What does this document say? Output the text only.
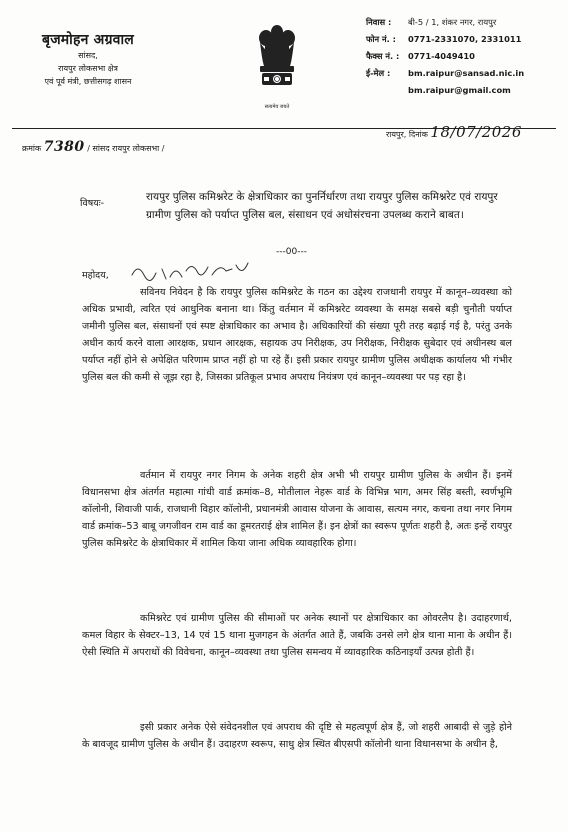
बृजमोहन अग्रवाल
सांसद,
रायपुर लोकसभा क्षेत्र
एवं पूर्व मंत्री, छत्तीसगढ़ शासन
सत्यमेव जयते
निवास :	बी-5 / 1, शंकर नगर, रायपुर
फोन नं. :	0771-2331070, 2331011
फैक्स नं. :	0771-4049410
ई-मेल :	bm.raipur@sansad.nic.in
bm.raipur@gmail.com
क्रमांक 7380 / सांसद रायपुर लोकसभा /
रायपुर, दिनांक 18/07/2026
विषयः-
रायपुर पुलिस कमिश्नरेट के क्षेत्राधिकार का पुनर्निर्धारण तथा रायपुर पुलिस कमिश्नरेट एवं रायपुर ग्रामीण पुलिस को पर्याप्त पुलिस बल, संसाधन एवं अधोसंरचना उपलब्ध कराने बाबत।
---00---
महोदय,
सविनय निवेदन है कि रायपुर पुलिस कमिश्नरेट के गठन का उद्देश्य राजधानी रायपुर में कानून–व्यवस्था को अधिक प्रभावी, त्वरित एवं आधुनिक बनाना था। किंतु वर्तमान में कमिश्नरेट व्यवस्था के समक्ष सबसे बड़ी चुनौती पर्याप्त जमीनी पुलिस बल, संसाधनों एवं स्पष्ट क्षेत्राधिकार का अभाव है। अधिकारियों की संख्या पूरी तरह बढ़ाई गई है, परंतु उनके अधीन कार्य करने वाला आरक्षक, प्रधान आरक्षक, सहायक उप निरीक्षक, उप निरीक्षक, निरीक्षक सुबेदार एवं अधीनस्थ बल पर्याप्त नहीं होने से अपेक्षित परिणाम प्राप्त नहीं हो पा रहे हैं। इसी प्रकार रायपुर ग्रामीण पुलिस अधीक्षक कार्यालय भी गंभीर पुलिस बल की कमी से जूझ रहा है, जिसका प्रतिकूल प्रभाव अपराध नियंत्रण एवं कानून–व्यवस्था पर पड़ रहा है।
वर्तमान में रायपुर नगर निगम के अनेक शहरी क्षेत्र अभी भी रायपुर ग्रामीण पुलिस के अधीन हैं। इनमें विधानसभा क्षेत्र अंतर्गत महात्मा गांधी वार्ड क्रमांक–8, मोतीलाल नेहरू वार्ड के विभिन्न भाग, अमर सिंह बस्ती, स्वर्णभूमि कॉलोनी, शिवाजी पार्क, राजधानी विहार कॉलोनी, प्रधानमंत्री आवास योजना के आवास, सत्यम नगर, कचना तथा नगर निगम वार्ड क्रमांक–53 बाबू जगजीवन राम वार्ड का डूमरतराई क्षेत्र शामिल हैं। इन क्षेत्रों का स्वरूप पूर्णतः शहरी है, अतः इन्हें रायपुर पुलिस कमिश्नरेट के क्षेत्राधिकार में शामिल किया जाना अधिक व्यावहारिक होगा।
कमिश्नरेट एवं ग्रामीण पुलिस की सीमाओं पर अनेक स्थानों पर क्षेत्राधिकार का ओवरलैप है। उदाहरणार्थ, कमल विहार के सेक्टर–13, 14 एवं 15 थाना मुजगहन के अंतर्गत आते हैं, जबकि उनसे लगे क्षेत्र थाना माना के अधीन हैं। ऐसी स्थिति में अपराधों की विवेचना, कानून–व्यवस्था तथा पुलिस समन्वय में व्यावहारिक कठिनाइयाँ उत्पन्न होती हैं।
इसी प्रकार अनेक ऐसे संवेदनशील एवं अपराध की दृष्टि से महत्वपूर्ण क्षेत्र हैं, जो शहरी आबादी से जुड़े होने के बावजूद ग्रामीण पुलिस के अधीन हैं। उदाहरण स्वरूप, साधु क्षेत्र स्थित बीएसपी कॉलोनी थाना विधानसभा के अधीन है,
